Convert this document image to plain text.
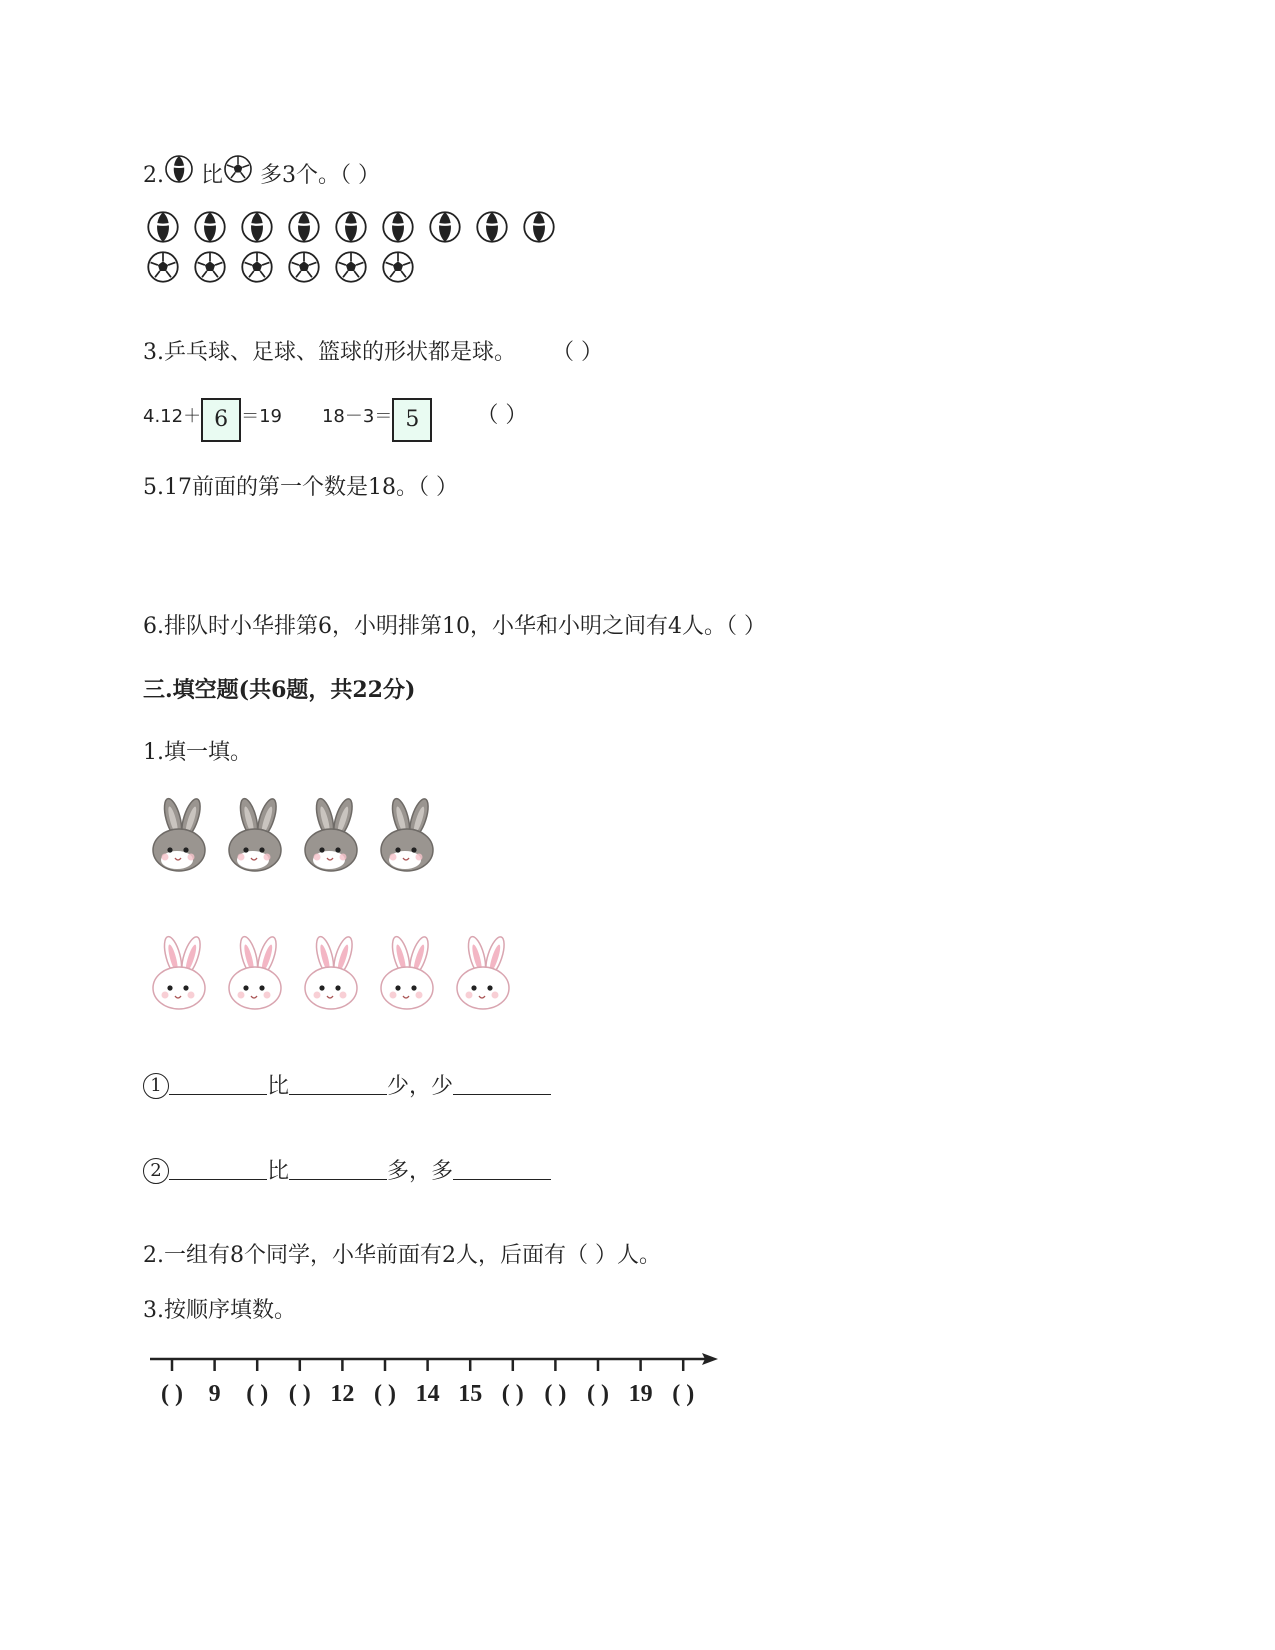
2. 比 多3个。（ ）
3.乒乓球、足球、篮球的形状都是球。 （ ）
4.12＋ 6 ＝19 18－3＝ 5	（ ）
5.17前面的第一个数是18。（ ）
6.排队时小华排第6，小明排第10，小华和小明之间有4人。（ ）
三.填空题(共6题，共22分)
1.填一填。
1	比	少，少
2	比	多，多
2.一组有8个同学，小华前面有2人，后面有（ ）人。
3.按顺序填数。
( ) 9 ( ) ( ) 12 ( ) 14 15 ( ) ( ) ( ) 19 ( )
